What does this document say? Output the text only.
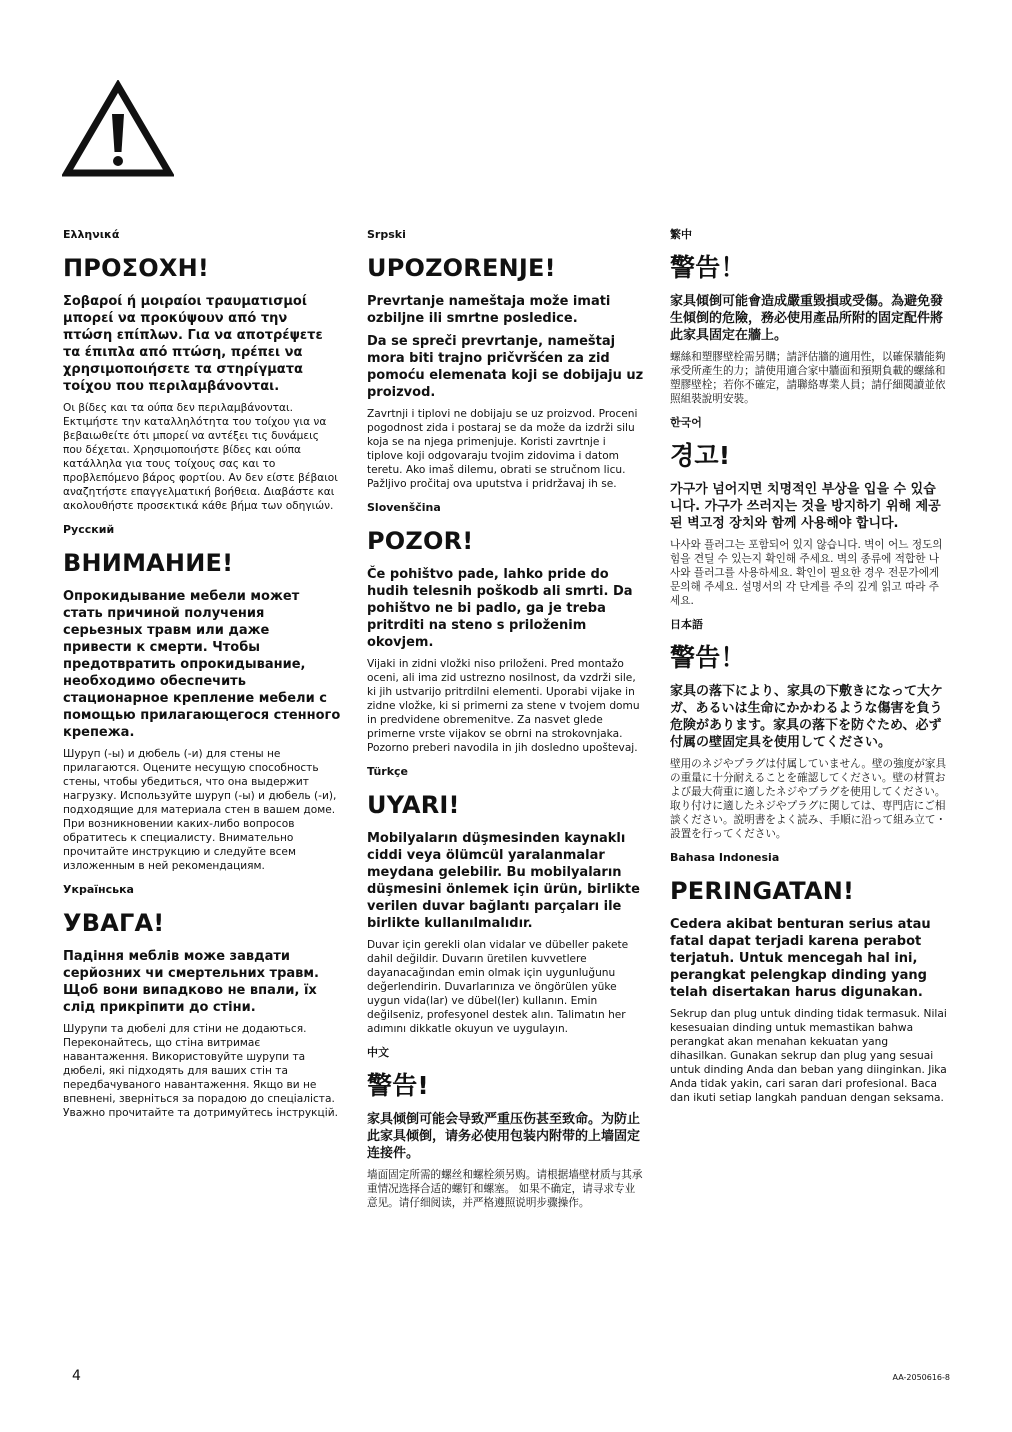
Ελληνικά
ΠΡΟΣΟΧΗ!
Σοβαροί ή μοιραίοι τραυματισμοί μπορεί να προκύψουν από την πτώση επίπλων. Για να αποτρέψετε τα έπιπλα από πτώση, πρέπει να χρησιμοποιήσετε τα στηρίγματα τοίχου που περιλαμβάνονται.
Οι βίδες και τα ούπα δεν περιλαμβάνονται. Εκτιμήστε την καταλληλότητα του τοίχου για να βεβαιωθείτε ότι μπορεί να αντέξει τις δυνάμεις που δέχεται. Χρησιμοποιήστε βίδες και ούπα κατάλληλα για τους τοίχους σας και το προβλεπόμενο βάρος φορτίου. Αν δεν είστε βέβαιοι αναζητήστε επαγγελματική βοήθεια. Διαβάστε και ακολουθήστε προσεκτικά κάθε βήμα των οδηγιών.
Русский
ВНИМАНИЕ!
Опрокидывание мебели может стать причиной получения серьезных травм или даже привести к смерти. Чтобы предотвратить опрокидывание, необходимо обеспечить стационарное крепление мебели с помощью прилагающегося стенного крепежа.
Шуруп (-ы) и дюбель (-и) для стены не прилагаются. Оцените несущую способность стены, чтобы убедиться, что она выдержит нагрузку. Используйте шуруп (-ы) и дюбель (-и), подходящие для материала стен в вашем доме. При возникновении каких-либо вопросов обратитесь к специалисту. Внимательно прочитайте инструкцию и следуйте всем изложенным в ней рекомендациям.
Українська
УВАГА!
Падіння меблів може завдати серйозних чи смертельних травм. Щоб вони випадково не впали, їх слід прикріпити до стіни.
Шурупи та дюбелі для стіни не додаються. Переконайтесь, що стіна витримає навантаження. Використовуйте шурупи та дюбелі, які підходять для ваших стін та передбачуваного навантаження. Якщо ви не впевнені, зверніться за порадою до спеціаліста. Уважно прочитайте та дотримуйтесь інструкцій.
Srpski
UPOZORENJE!
Prevrtanje nameštaja može imati ozbiljne ili smrtne posledice.
Da se spreči prevrtanje, nameštaj mora biti trajno pričvršćen za zid pomoću elemenata koji se dobijaju uz proizvod.
Zavrtnji i tiplovi ne dobijaju se uz proizvod. Proceni pogodnost zida i postaraj se da može da izdrži silu koja se na njega primenjuje. Koristi zavrtnje i tiplove koji odgovaraju tvojim zidovima i datom teretu. Ako imaš dilemu, obrati se stručnom licu. Pažljivo pročitaj ova uputstva i pridržavaj ih se.
Slovenščina
POZOR!
Če pohištvo pade, lahko pride do hudih telesnih poškodb ali smrti. Da pohištvo ne bi padlo, ga je treba pritrditi na steno s priloženim okovjem.
Vijaki in zidni vložki niso priloženi. Pred montažo oceni, ali ima zid ustrezno nosilnost, da vzdrži sile, ki jih ustvarijo pritrdilni elementi. Uporabi vijake in zidne vložke, ki si primerni za stene v tvojem domu in predvidene obremenitve. Za nasvet glede primerne vrste vijakov se obrni na strokovnjaka. Pozorno preberi navodila in jih dosledno upoštevaj.
Türkçe
UYARI!
Mobilyaların düşmesinden kaynaklı ciddi veya ölümcül yaralanmalar meydana gelebilir. Bu mobilyaların düşmesini önlemek için ürün, birlikte verilen duvar bağlantı parçaları ile birlikte kullanılmalıdır.
Duvar için gerekli olan vidalar ve dübeller pakete dahil değildir. Duvarın üretilen kuvvetlere dayanacağından emin olmak için uygunluğunu değerlendirin. Duvarlarınıza ve öngörülen yüke uygun vida(lar) ve dübel(ler) kullanın. Emin değilseniz, profesyonel destek alın. Talimatın her adımını dikkatle okuyun ve uygulayın.
中文
警告!
家具倾倒可能会导致严重压伤甚至致命。为防止此家具倾倒，请务必使用包装内附带的上墙固定连接件。
墙面固定所需的螺丝和螺栓须另购。请根据墙壁材质与其承重情况选择合适的螺钉和螺塞。 如果不确定，请寻求专业意见。请仔细阅读，并严格遵照说明步骤操作。
繁中
警告！
家具傾倒可能會造成嚴重毀損或受傷。為避免發生傾倒的危險，務必使用產品所附的固定配件將此家具固定在牆上。
螺絲和塑膠壁栓需另購；請評估牆的適用性，以確保牆能夠承受所產生的力；請使用適合家中牆面和預期負載的螺絲和塑膠壁栓；若你不確定，請聯絡專業人員；請仔細閱讀並依照組裝說明安裝。
한국어
경고!
가구가 넘어지면 치명적인 부상을 입을 수 있습니다. 가구가 쓰러지는 것을 방지하기 위해 제공된 벽고정 장치와 함께 사용해야 합니다.
나사와 플러그는 포함되어 있지 않습니다. 벽이 어느 정도의 힘을 견딜 수 있는지 확인해 주세요. 벽의 종류에 적합한 나사와 플러그를 사용하세요. 확인이 필요한 경우 전문가에게 문의해 주세요. 설명서의 각 단계를 주의 깊게 읽고 따라 주세요.
日本語
警告！
家具の落下により、家具の下敷きになって大ケガ、あるいは生命にかかわるような傷害を負う危険があります。家具の落下を防ぐため、必ず付属の壁固定具を使用してください。
壁用のネジやプラグは付属していません。壁の強度が家具の重量に十分耐えることを確認してください。壁の材質および最大荷重に適したネジやプラグを使用してください。取り付けに適したネジやプラグに関しては、専門店にご相談ください。説明書をよく読み、手順に沿って組み立て・設置を行ってください。
Bahasa Indonesia
PERINGATAN!
Cedera akibat benturan serius atau fatal dapat terjadi karena perabot terjatuh. Untuk mencegah hal ini, perangkat pelengkap dinding yang telah disertakan harus digunakan.
Sekrup dan plug untuk dinding tidak termasuk. Nilai kesesuaian dinding untuk memastikan bahwa perangkat akan menahan kekuatan yang dihasilkan. Gunakan sekrup dan plug yang sesuai untuk dinding Anda dan beban yang diinginkan. Jika Anda tidak yakin, cari saran dari profesional. Baca dan ikuti setiap langkah panduan dengan seksama.
4	AA-2050616-8
